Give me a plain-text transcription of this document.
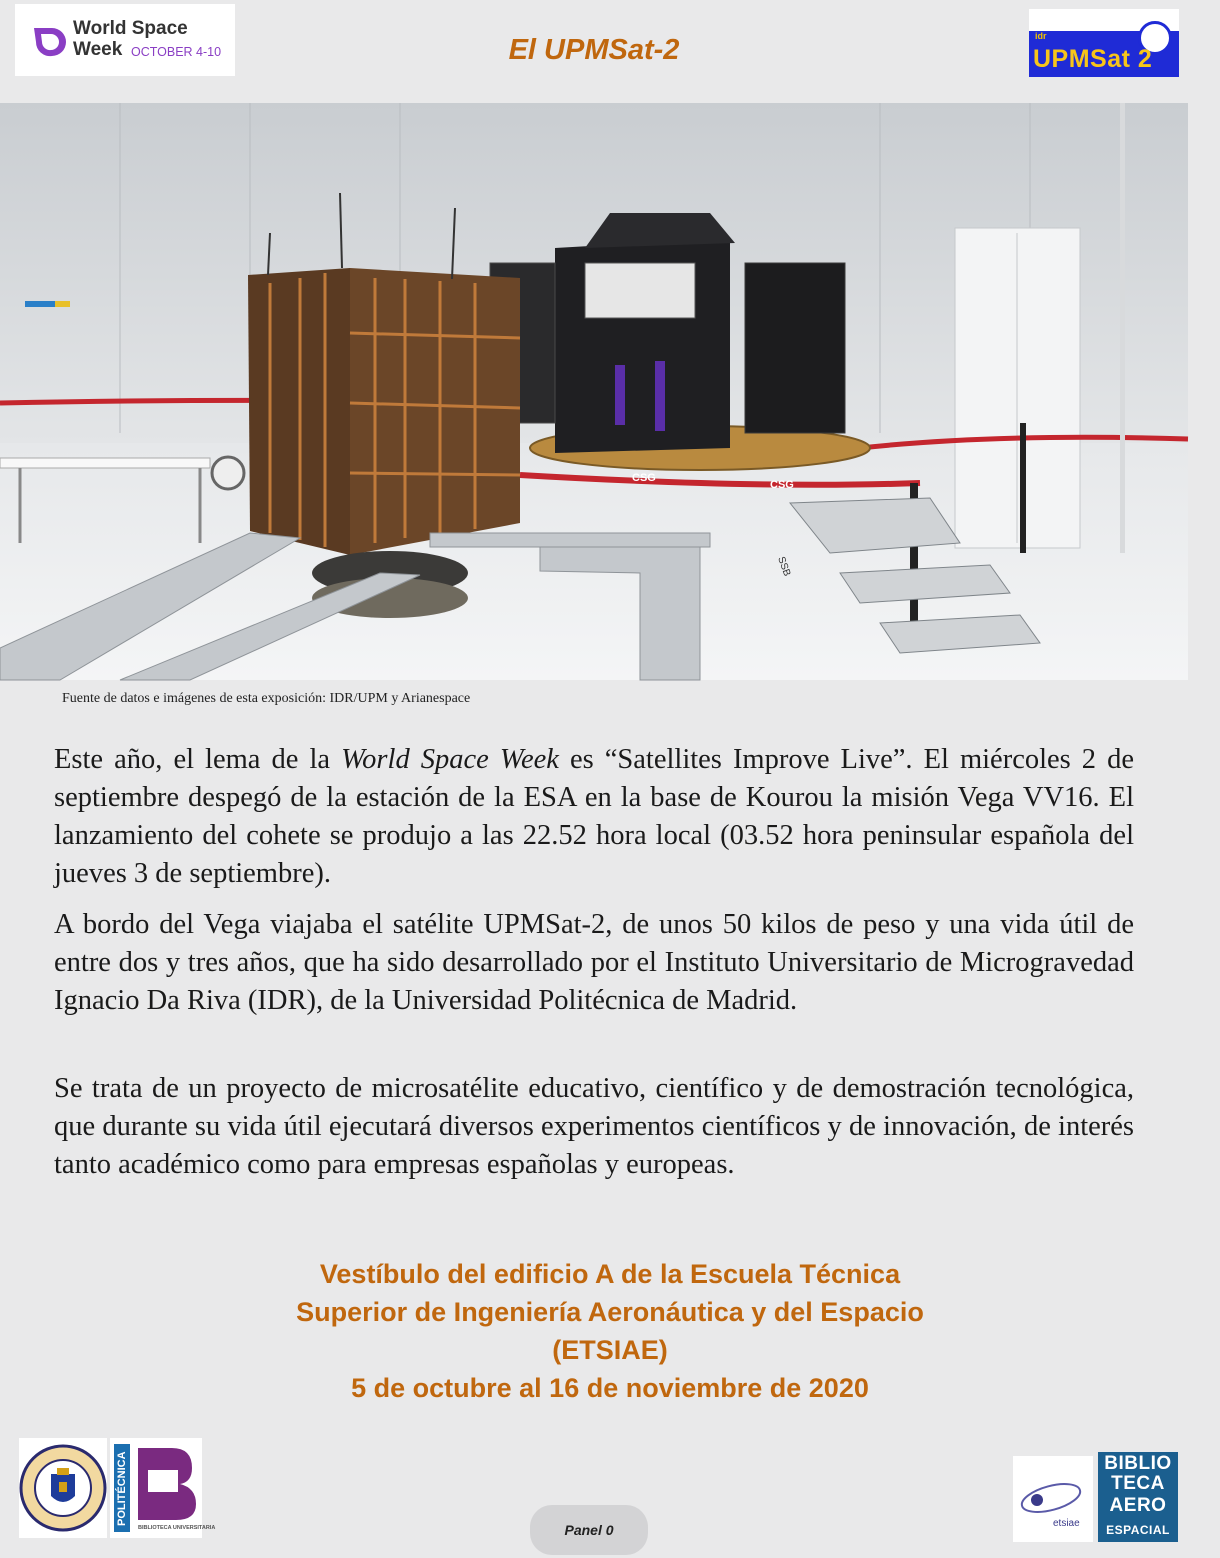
World Space
Week OCTOBER 4-10	El UPMSat-2	idr
UPMSat 2
CSG
CSG
SSB
Fuente de datos e imágenes de esta exposición: IDR/UPM y Arianespace

Este año, el lema de la World Space Week es “Satellites Improve Live”. El miércoles 2 de septiembre despegó de la estación de la ESA en la base de Kourou la misión Vega VV16. El lanzamiento del cohete se produjo a las 22.52 hora local (03.52 hora peninsular española del jueves 3 de septiembre).

A bordo del Vega viajaba el satélite UPMSat-2, de unos 50 kilos de peso y una vida útil de entre dos y tres años, que ha sido desarrollado por el Instituto Universitario de Microgravedad Ignacio Da Riva (IDR), de la Universidad Politécnica de Madrid.

Se trata de un proyecto de microsatélite educativo, científico y de demostración tecnológica, que durante su vida útil ejecutará diversos experimentos científicos y de innovación, de interés tanto académico como para empresas españolas y europeas.

Vestíbulo del edificio A de la Escuela Técnica
Superior de Ingeniería Aeronáutica y del Espacio
(ETSIAE)
5 de octubre al 16 de noviembre de 2020
POLITÉCNICA
BIBLIOTECA UNIVERSITARIA	Panel 0	etsiae
BIBLIO
TECA
AERO
ESPACIAL
